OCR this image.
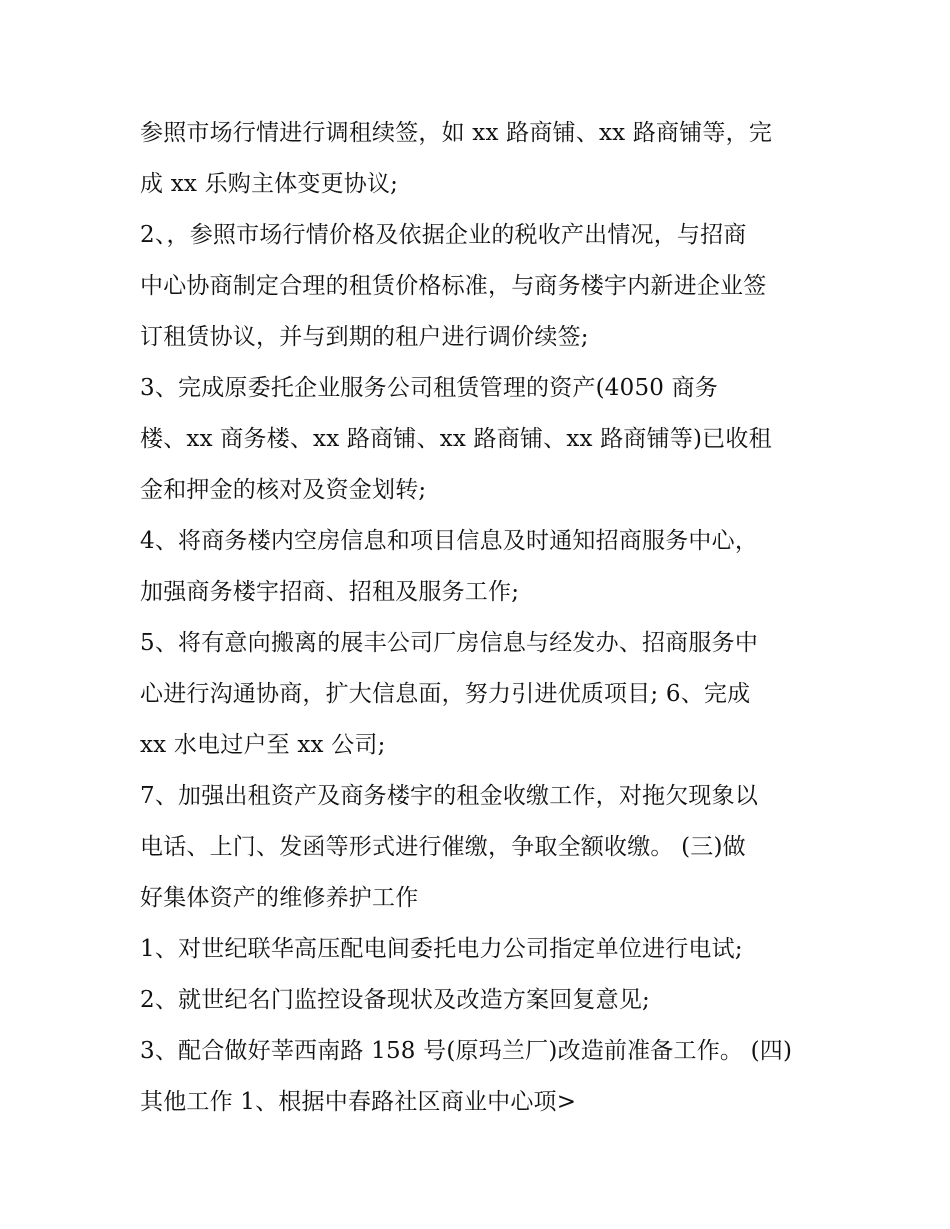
参照市场行情进行调租续签，如 xx 路商铺、xx 路商铺等，完
成 xx 乐购主体变更协议;
2、，参照市场行情价格及依据企业的税收产出情况，与招商
中心协商制定合理的租赁价格标准，与商务楼宇内新进企业签
订租赁协议，并与到期的租户进行调价续签;
3、完成原委托企业服务公司租赁管理的资产(4050 商务
楼、xx 商务楼、xx 路商铺、xx 路商铺、xx 路商铺等)已收租
金和押金的核对及资金划转;
4、将商务楼内空房信息和项目信息及时通知招商服务中心，
加强商务楼宇招商、招租及服务工作;
5、将有意向搬离的展丰公司厂房信息与经发办、招商服务中
心进行沟通协商，扩大信息面，努力引进优质项目; 6、完成
xx 水电过户至 xx 公司;
7、加强出租资产及商务楼宇的租金收缴工作，对拖欠现象以
电话、上门、发函等形式进行催缴，争取全额收缴。 (三)做
好集体资产的维修养护工作
1、对世纪联华高压配电间委托电力公司指定单位进行电试;
2、就世纪名门监控设备现状及改造方案回复意见;
3、配合做好莘西南路 158 号(原玛兰厂)改造前准备工作。 (四)
其他工作 1、根据中春路社区商业中心项>
